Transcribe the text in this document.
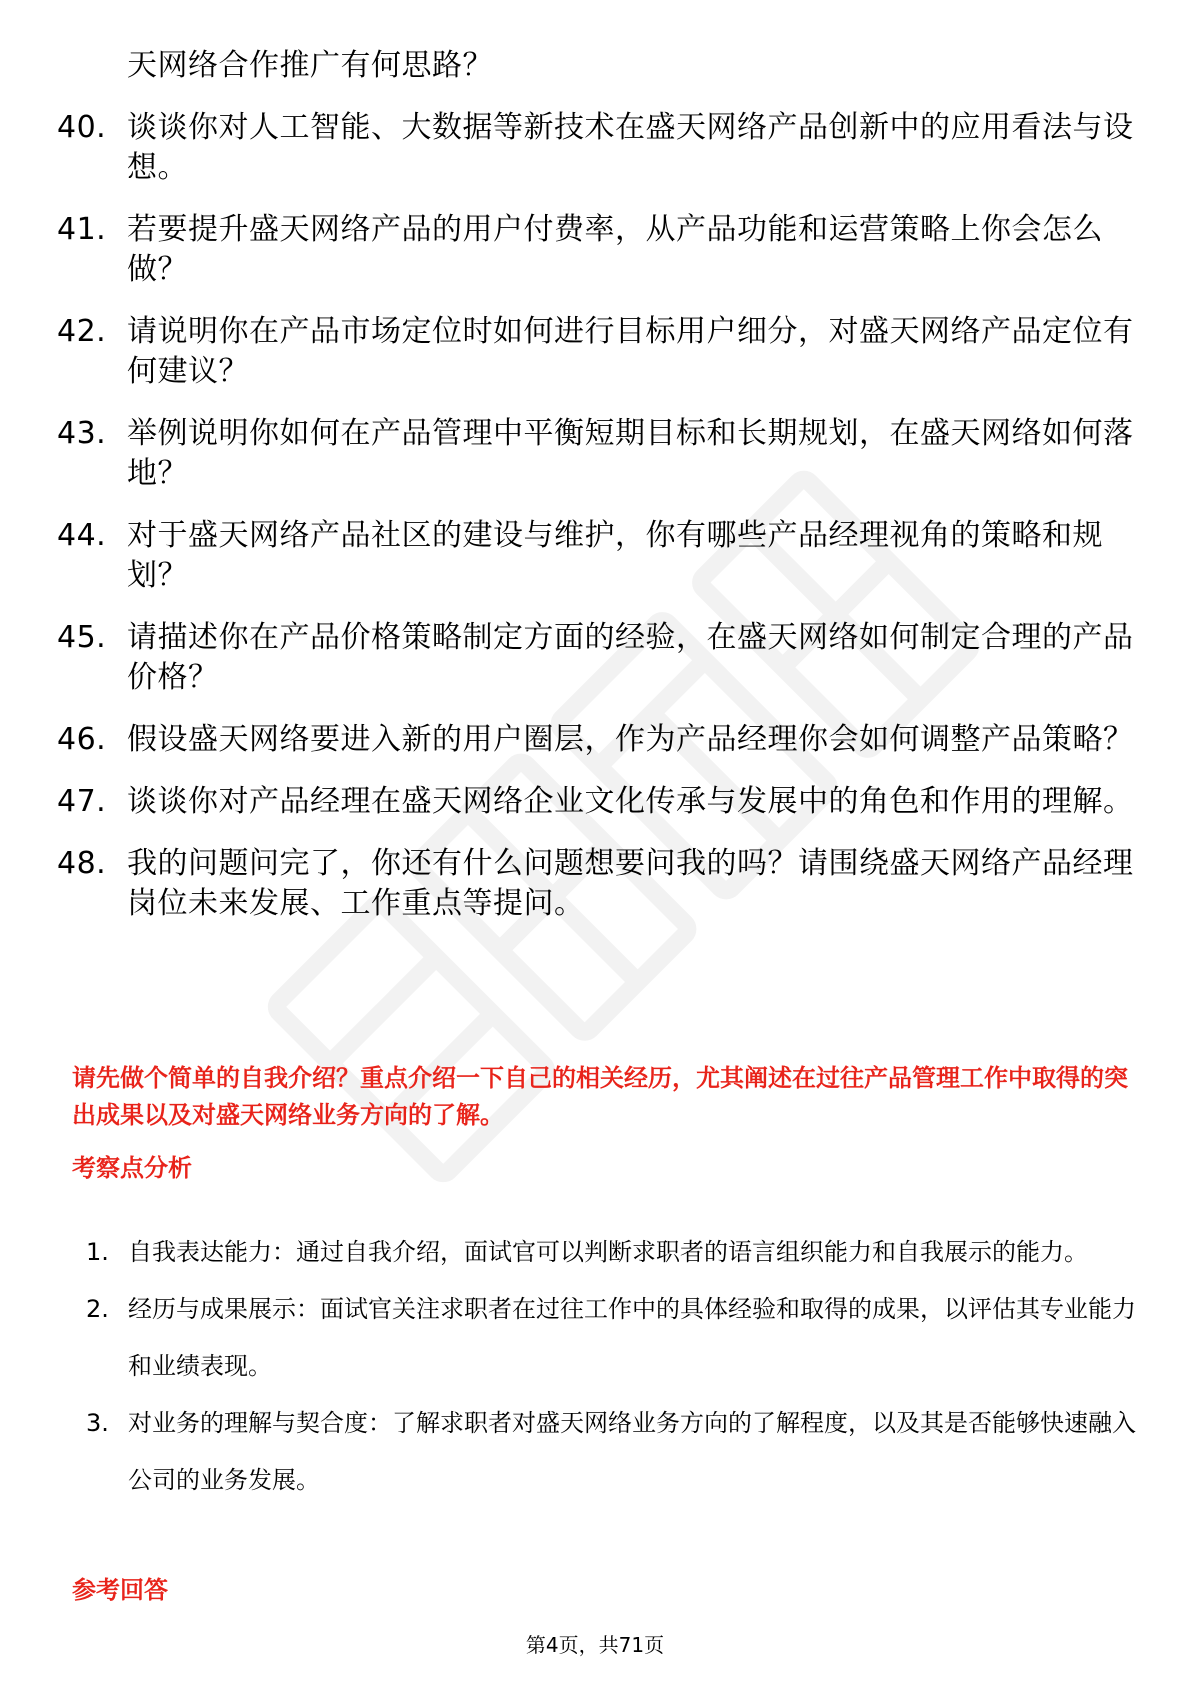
天网络合作推广有何思路？
40. 谈谈你对人工智能、大数据等新技术在盛天网络产品创新中的应用看法与设想。
41. 若要提升盛天网络产品的用户付费率，从产品功能和运营策略上你会怎么做？
42. 请说明你在产品市场定位时如何进行目标用户细分，对盛天网络产品定位有何建议？
43. 举例说明你如何在产品管理中平衡短期目标和长期规划，在盛天网络如何落地？
44. 对于盛天网络产品社区的建设与维护，你有哪些产品经理视角的策略和规划？
45. 请描述你在产品价格策略制定方面的经验，在盛天网络如何制定合理的产品价格？
46. 假设盛天网络要进入新的用户圈层，作为产品经理你会如何调整产品策略？
47. 谈谈你对产品经理在盛天网络企业文化传承与发展中的角色和作用的理解。
48. 我的问题问完了，你还有什么问题想要问我的吗？请围绕盛天网络产品经理岗位未来发展、工作重点等提问。
请先做个简单的自我介绍？重点介绍一下自己的相关经历，尤其阐述在过往产品管理工作中取得的突出成果以及对盛天网络业务方向的了解。
考察点分析
1. 自我表达能力：通过自我介绍，面试官可以判断求职者的语言组织能力和自我展示的能力。
2. 经历与成果展示：面试官关注求职者在过往工作中的具体经验和取得的成果，以评估其专业能力和业绩表现。
3. 对业务的理解与契合度：了解求职者对盛天网络业务方向的了解程度，以及其是否能够快速融入公司的业务发展。
参考回答
第4页，共71页
